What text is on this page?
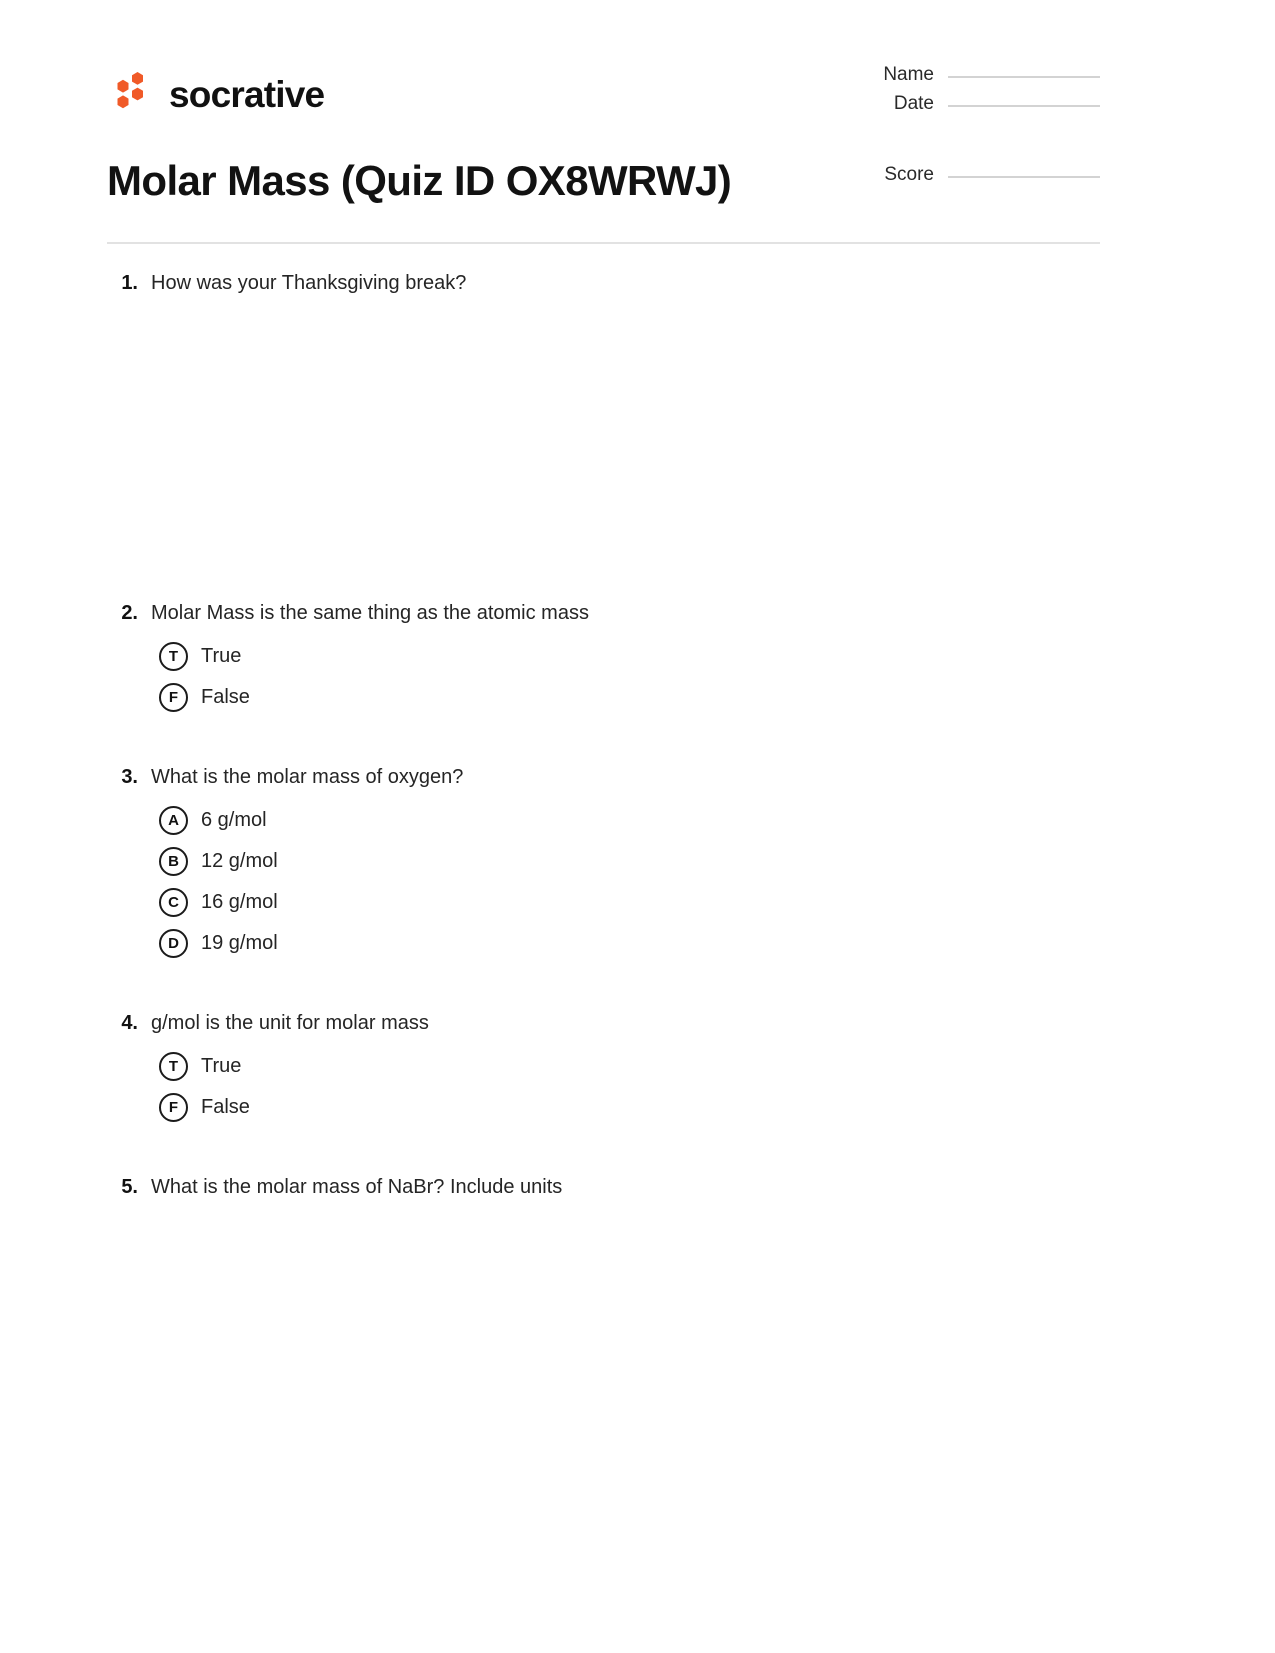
socrative	Name
Date
Score
Molar Mass (Quiz ID OX8WRWJ)
1. How was your Thanksgiving break?
2. Molar Mass is the same thing as the atomic mass
T	True
F	False
3. What is the molar mass of oxygen?
A	6 g/mol
B	12 g/mol
C	16 g/mol
D	19 g/mol
4. g/mol is the unit for molar mass
T	True
F	False
5. What is the molar mass of NaBr? Include units
